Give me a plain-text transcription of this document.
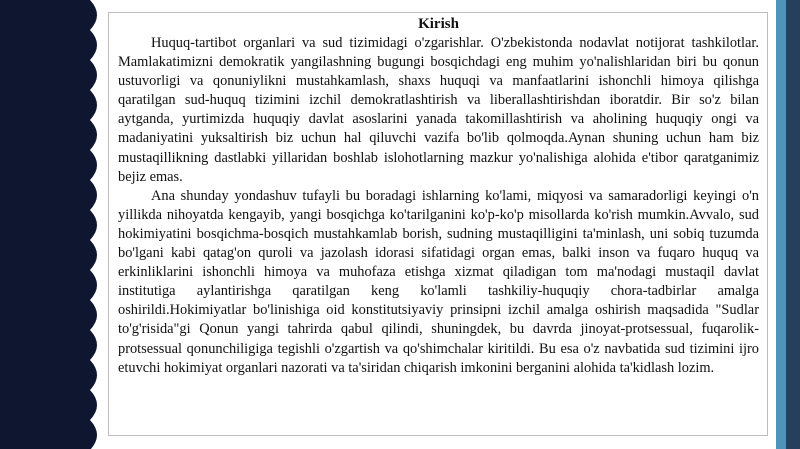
Kirish

Huquq-tartibot organlari va sud tizimidagi o'zgarishlar. O'zbekistonda nodavlat notijorat tashkilotlar. Mamlakatimizni demokratik yangilashning bugungi bosqichdagi eng muhim yo'nalishlaridan biri bu qonun ustuvorligi va qonuniylikni mustahkamlash, shaxs huquqi va manfaatlarini ishonchli himoya qilishga qaratilgan sud-huquq tizimini izchil demokratlashtirish va liberallashtirishdan iboratdir. Bir so'z bilan aytganda, yurtimizda huquqiy davlat asoslarini yanada takomillashtirish va aholining huquqiy ongi va madaniyatini yuksaltirish biz uchun hal qiluvchi vazifa bo'lib qolmoqda.Aynan shuning uchun ham biz mustaqillikning dastlabki yillaridan boshlab islohotlarning mazkur yo'nalishiga alohida e'tibor qaratganimiz bejiz emas.

Ana shunday yondashuv tufayli bu boradagi ishlarning ko'lami, miqyosi va samaradorligi keyingi o'n yillikda nihoyatda kengayib, yangi bosqichga ko'tarilganini ko'p-ko'p misollarda ko'rish mumkin.Avvalo, sud hokimiyatini bosqichma-bosqich mustahkamlab borish, sudning mustaqilligini ta'minlash, uni sobiq tuzumda bo'lgani kabi qatag'on quroli va jazolash idorasi sifatidagi organ emas, balki inson va fuqaro huquq va erkinliklarini ishonchli himoya va muhofaza etishga xizmat qiladigan tom ma'nodagi mustaqil davlat institutiga aylantirishga qaratilgan keng ko'lamli tashkiliy-huquqiy chora-tadbirlar amalga oshirildi.Hokimiyatlar bo'linishiga oid konstitutsiyaviy prinsipni izchil amalga oshirish maqsadida "Sudlar to'g'risida"gi Qonun yangi tahrirda qabul qilindi, shuningdek, bu davrda jinoyat-protsessual, fuqarolik-protsessual qonunchiligiga tegishli o'zgartish va qo'shimchalar kiritildi. Bu esa o'z navbatida sud tizimini ijro etuvchi hokimiyat organlari nazorati va ta'siridan chiqarish imkonini berganini alohida ta'kidlash lozim.
